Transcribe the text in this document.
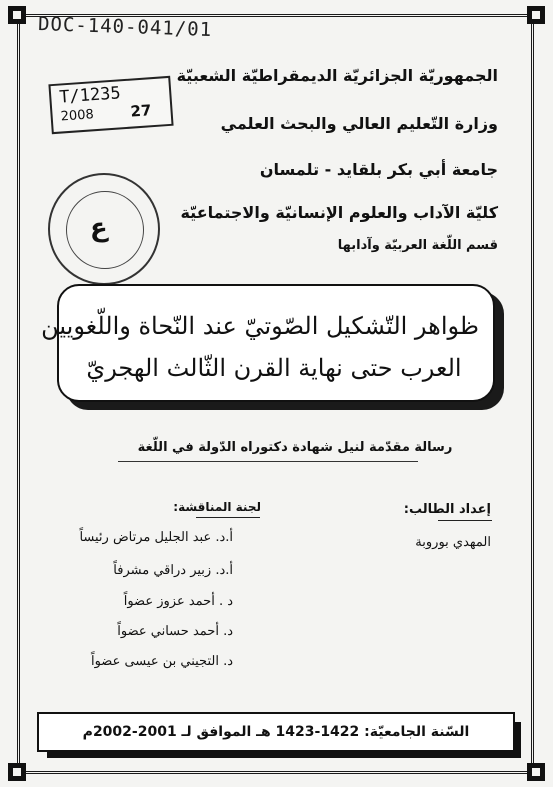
DOC-140-041/01
T/1235
2008 27
الجمهوريّة الجزائريّة الديمقراطيّة الشعبيّة
وزارة التّعليم العالي والبحث العلمي
جامعة أبي بكر بلقايد - تلمسان
كليّة الآداب والعلوم الإنسانيّة والاجتماعيّة
قسم اللّغة العربيّة وآدابها
ﻉ
ظواهر التّشكيل الصّوتيّ عند النّحاة واللّغويين
العرب حتى نهاية القرن الثّالث الهجريّ
رسالة مقدّمة لنيل شهادة دكتوراه الدّولة في اللّغة
إعداد الطالب:
المهدي بوروبة
لجنة المناقشة:
أ.د. عبد الجليل مرتاض رئيساً
أ.د. زبير دراقي مشرفاً
د . أحمد عزوز عضواً
د. أحمد حساني عضواً
د. التجيني بن عيسى عضواً
السّنة الجامعيّة: 1422-1423 هـ الموافق لـ 2001-2002م
